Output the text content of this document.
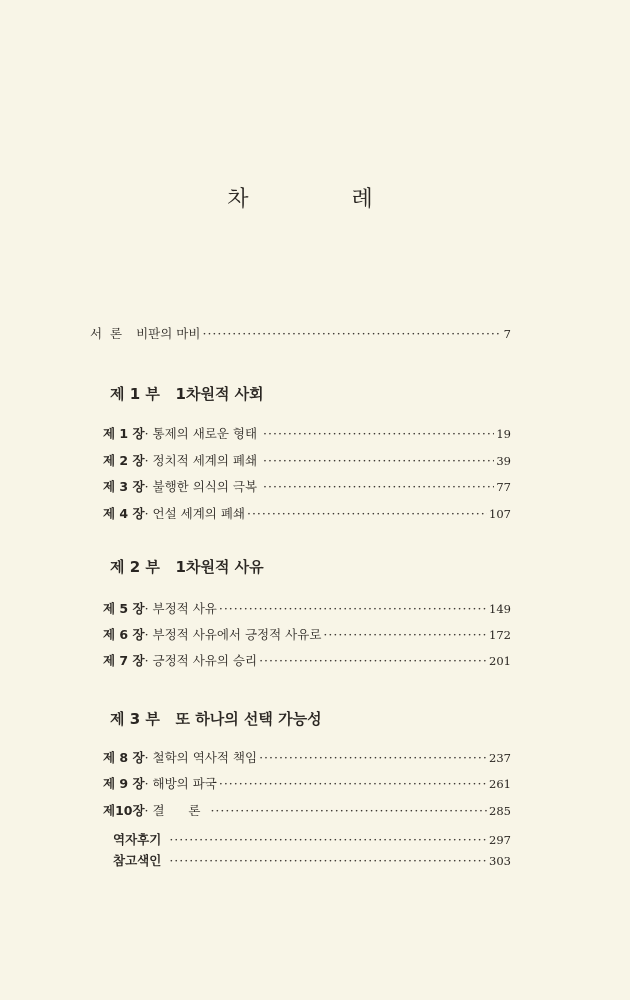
차 례
서  론 비판의 마비 ·····	7
제 1 부   1차원적 사회
제 1 장 · 통제의 새로운 형태 ·····	19
제 2 장 · 정치적 세계의 폐쇄 ·····	39
제 3 장 · 불행한 의식의 극복 ·····	77
제 4 장 · 언설 세계의 폐쇄 ·····	107
제 2 부   1차원적 사유
제 5 장 · 부정적 사유 ·····	149
제 6 장 · 부정적 사유에서 긍정적 사유로 ·····	172
제 7 장 · 긍정적 사유의 승리 ·····	201
제 3 부   또 하나의 선택 가능성
제 8 장 · 철학의 역사적 책임 ·····	237
제 9 장 · 해방의 파국 ·····	261
제10장 · 결      론 ·····	285
역자후기 ·····	297
참고색인 ·····	303
